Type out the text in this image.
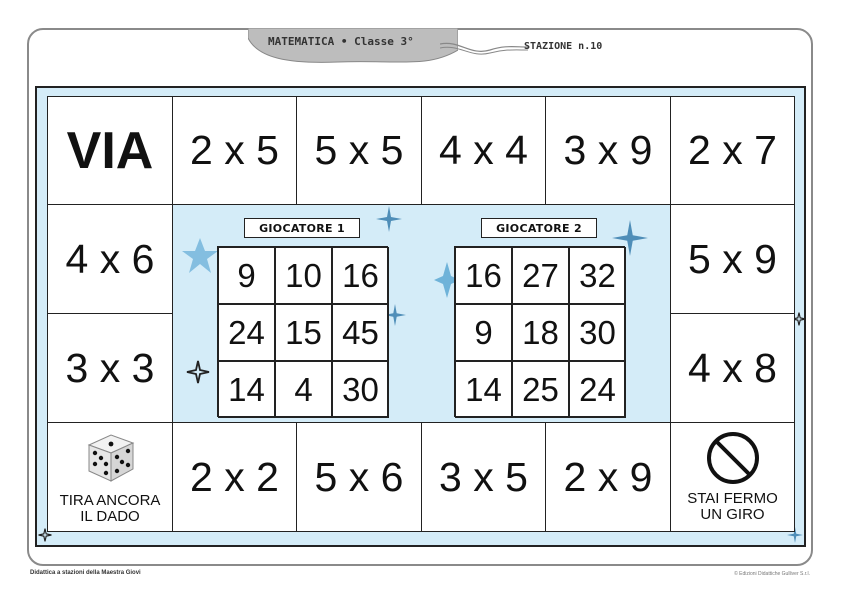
MATEMATICA • Classe 3°	STAZIONE n.10
VIA 2 x 5 5 x 5 4 x 4 3 x 9 2 x 7
4 x 6
3 x 3
5 x 9
4 x 8
TIRA ANCORA
IL DADO
2 x 2 5 x 6 3 x 5 2 x 9	STAI FERMO
UN GIRO
GIOCATORE 1
9 10 16
24 15 45
14 4 30
GIOCATORE 2
16 27 32
9 18 30
14 25 24
Didattica a stazioni della Maestra Giovi	© Edizioni Didattiche Gulliver S.r.l.
